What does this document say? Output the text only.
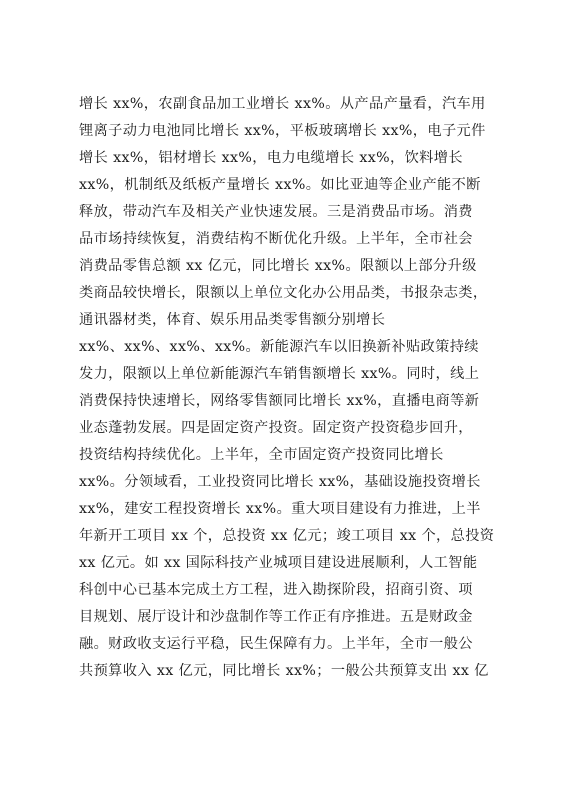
增长 xx%，农副食品加工业增长 xx%。从产品产量看，汽车用
锂离子动力电池同比增长 xx%，平板玻璃增长 xx%，电子元件
增长 xx%，铝材增长 xx%，电力电缆增长 xx%，饮料增长
xx%，机制纸及纸板产量增长 xx%。如比亚迪等企业产能不断
释放，带动汽车及相关产业快速发展。三是消费品市场。消费
品市场持续恢复，消费结构不断优化升级。上半年，全市社会
消费品零售总额 xx 亿元，同比增长 xx%。限额以上部分升级
类商品较快增长，限额以上单位文化办公用品类，书报杂志类，
通讯器材类，体育、娱乐用品类零售额分别增长
xx%、xx%、xx%、xx%。新能源汽车以旧换新补贴政策持续
发力，限额以上单位新能源汽车销售额增长 xx%。同时，线上
消费保持快速增长，网络零售额同比增长 xx%，直播电商等新
业态蓬勃发展。四是固定资产投资。固定资产投资稳步回升，
投资结构持续优化。上半年，全市固定资产投资同比增长
xx%。分领域看，工业投资同比增长 xx%，基础设施投资增长
xx%，建安工程投资增长 xx%。重大项目建设有力推进，上半
年新开工项目 xx 个，总投资 xx 亿元；竣工项目 xx 个，总投资
xx 亿元。如 xx 国际科技产业城项目建设进展顺利，人工智能
科创中心已基本完成土方工程，进入勘探阶段，招商引资、项
目规划、展厅设计和沙盘制作等工作正有序推进。五是财政金
融。财政收支运行平稳，民生保障有力。上半年，全市一般公
共预算收入 xx 亿元，同比增长 xx%；一般公共预算支出 xx 亿
